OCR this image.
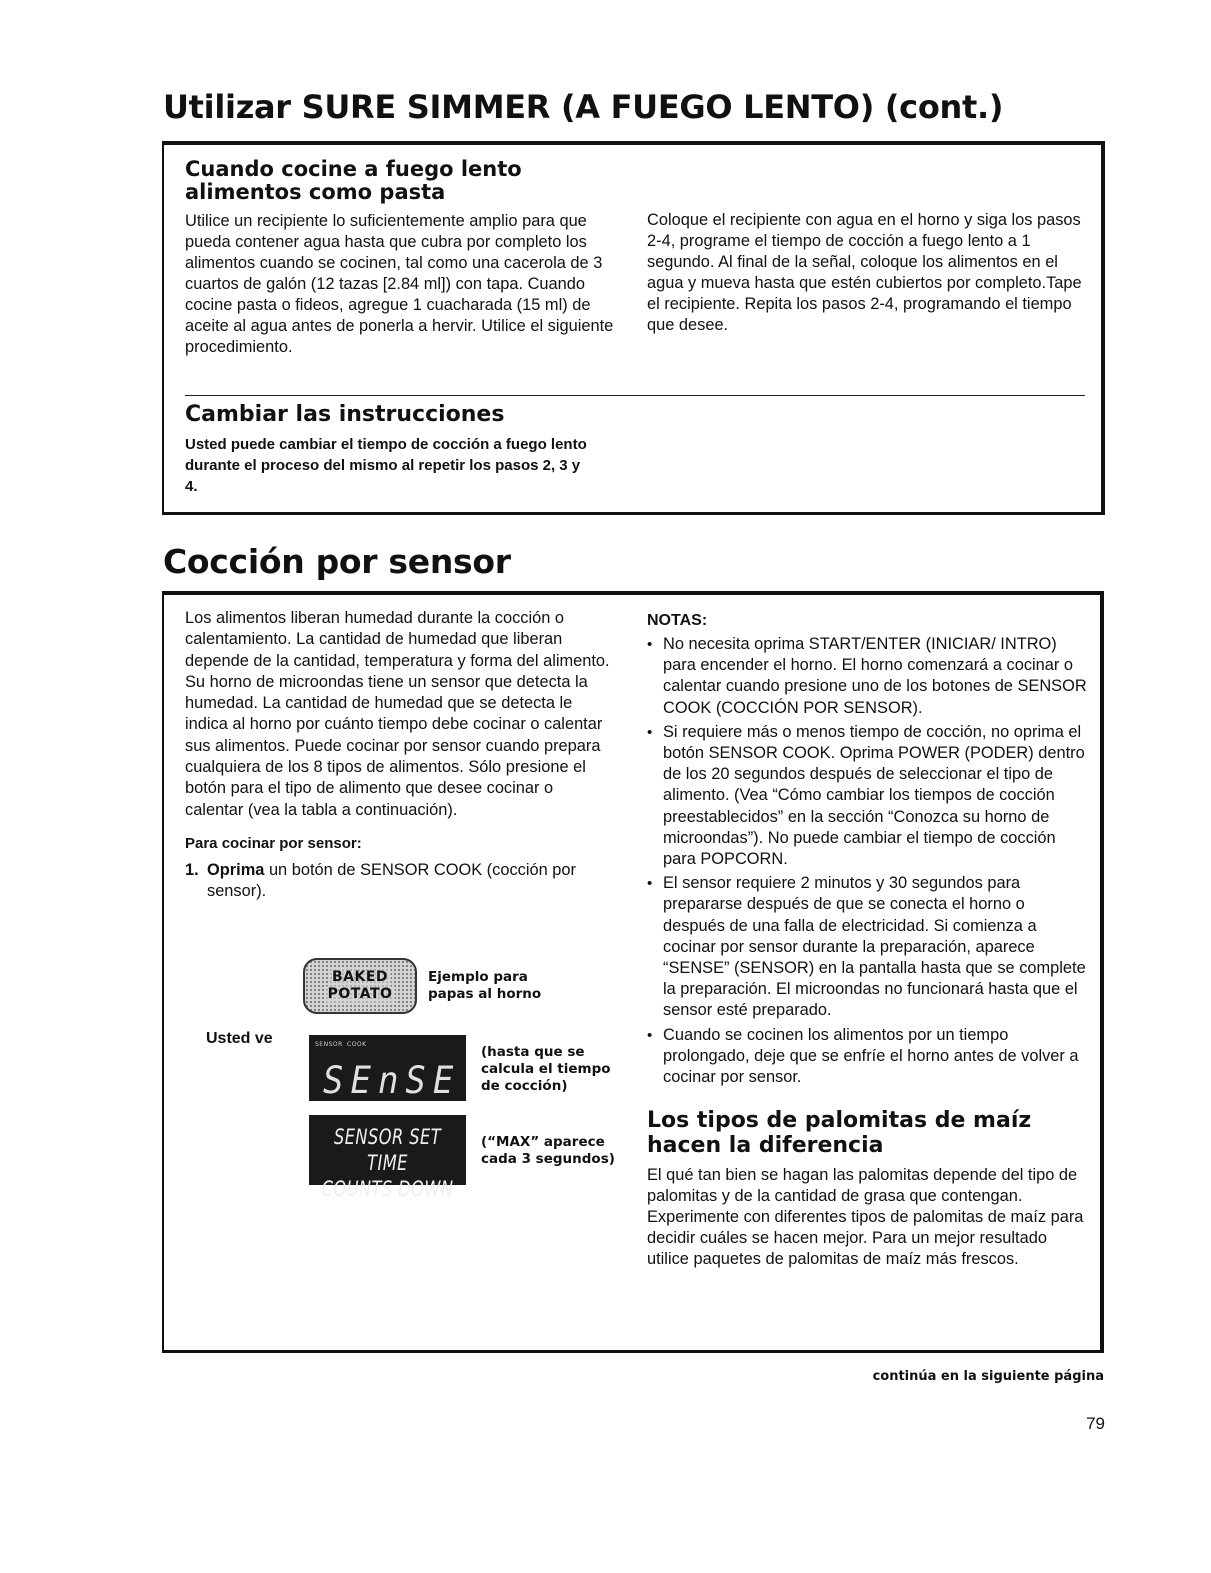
Utilizar SURE SIMMER (A FUEGO LENTO) (cont.)
Cuando cocine a fuego lento
alimentos como pasta

Utilice un recipiente lo suficientemente amplio para que pueda contener agua hasta que cubra por completo los alimentos cuando se cocinen, tal como una cacerola de 3 cuartos de galón (12 tazas [2.84 ml]) con tapa. Cuando cocine pasta o fideos, agregue 1 cuacharada (15 ml) de aceite al agua antes de ponerla a hervir. Utilice el siguiente procedimiento.

Coloque el recipiente con agua en el horno y siga los pasos 2-4, programe el tiempo de cocción a fuego lento a 1 segundo. Al final de la señal, coloque los alimentos en el agua y mueva hasta que estén cubiertos por completo.Tape el recipiente. Repita los pasos 2-4, programando el tiempo que desee.

Cambiar las instrucciones

Usted puede cambiar el tiempo de cocción a fuego lento durante el proceso del mismo al repetir los pasos 2, 3 y 4.

Cocción por sensor

Los alimentos liberan humedad durante la cocción o calentamiento. La cantidad de humedad que liberan depende de la cantidad, temperatura y forma del alimento. Su horno de microondas tiene un sensor que detecta la humedad. La cantidad de humedad que se detecta le indica al horno por cuánto tiempo debe cocinar o calentar sus alimentos. Puede cocinar por sensor cuando prepara cualquiera de los 8 tipos de alimentos. Sólo presione el botón para el tipo de alimento que desee cocinar o calentar (vea la tabla a continuación).

Para cocinar por sensor:
1. Oprima un botón de SENSOR COOK (cocción por sensor).
BAKED
POTATO
Ejemplo para
papas al horno
Usted ve	SENSOR COOK
SEnSE
(hasta que se
calcula el tiempo
de cocción)
SENSOR SET TIME
COUNTS DOWN
(“MAX” aparece
cada 3 segundos)
NOTAS:
• No necesita oprima START/ENTER (INICIAR/ INTRO) para encender el horno. El horno comenzará a cocinar o calentar cuando presione uno de los botones de SENSOR COOK (COCCIÓN POR SENSOR).
• Si requiere más o menos tiempo de cocción, no oprima el botón SENSOR COOK. Oprima POWER (PODER) dentro de los 20 segundos después de seleccionar el tipo de alimento. (Vea “Cómo cambiar los tiempos de cocción preestablecidos” en la sección “Conozca su horno de microondas”). No puede cambiar el tiempo de cocción para POPCORN.
• El sensor requiere 2 minutos y 30 segundos para prepararse después de que se conecta el horno o después de una falla de electricidad. Si comienza a cocinar por sensor durante la preparación, aparece “SENSE” (SENSOR) en la pantalla hasta que se complete la preparación. El microondas no funcionará hasta que el sensor esté preparado.
• Cuando se cocinen los alimentos por un tiempo prolongado, deje que se enfríe el horno antes de volver a cocinar por sensor.
Los tipos de palomitas de maíz
hacen la diferencia

El qué tan bien se hagan las palomitas depende del tipo de palomitas y de la cantidad de grasa que contengan. Experimente con diferentes tipos de palomitas de maíz para decidir cuáles se hacen mejor. Para un mejor resultado utilice paquetes de palomitas de maíz más frescos.

continúa en la siguiente página
79
